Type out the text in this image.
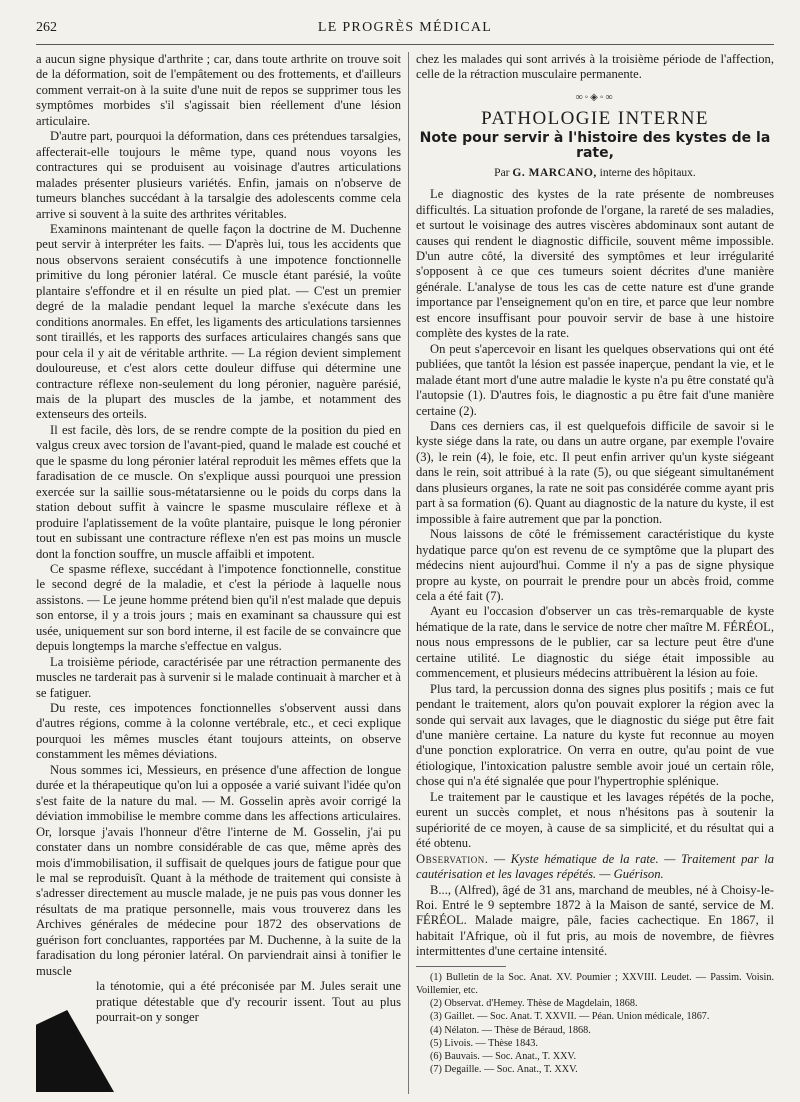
262	LE PROGRÈS MÉDICAL

a aucun signe physique d'arthrite ; car, dans toute arthrite on trouve soit de la déformation, soit de l'empâtement ou des frottements, et d'ailleurs comment verrait-on à la suite d'une nuit de repos se supprimer tous les symptômes morbides s'il s'agissait bien réellement d'une lésion articulaire.

D'autre part, pourquoi la déformation, dans ces prétendues tarsalgies, affecterait-elle toujours le même type, quand nous voyons les contractures qui se produisent au voisinage d'autres articulations malades présenter plusieurs variétés. Enfin, jamais on n'observe de tumeurs blanches succédant à la tarsalgie des adolescents comme cela arrive si souvent à la suite des arthrites véritables.

Examinons maintenant de quelle façon la doctrine de M. Duchenne peut servir à interpréter les faits. — D'après lui, tous les accidents que nous observons seraient consécutifs à une impotence fonctionnelle primitive du long péronier latéral. Ce muscle étant parésié, la voûte plantaire s'effondre et il en résulte un pied plat. — C'est un premier degré de la maladie pendant lequel la marche s'exécute dans les conditions anormales. En effet, les ligaments des articulations tarsiennes sont tiraillés, et les rapports des surfaces articulaires changés sans que pour cela il y ait de véritable arthrite. — La région devient simplement douloureuse, et c'est alors cette douleur diffuse qui détermine une contracture réflexe non-seulement du long péronier, naguère parésié, mais de la plupart des muscles de la jambe, et notamment des extenseurs des orteils.

Il est facile, dès lors, de se rendre compte de la position du pied en valgus creux avec torsion de l'avant-pied, quand le malade est couché et que le spasme du long péronier latéral reproduit les mêmes effets que la faradisation de ce muscle. On s'explique aussi pourquoi une pression exercée sur la saillie sous-métatarsienne ou le poids du corps dans la station debout suffit à vaincre le spasme musculaire réflexe et à produire l'aplatissement de la voûte plantaire, puisque le long péronier tout en subissant une contracture réflexe n'en est pas moins un muscle dont la fonction souffre, un muscle affaibli et impotent.

Ce spasme réflexe, succédant à l'impotence fonctionnelle, constitue le second degré de la maladie, et c'est la période à laquelle nous assistons. — Le jeune homme prétend bien qu'il n'est malade que depuis son entorse, il y a trois jours ; mais en examinant sa chaussure qui est usée, uniquement sur son bord interne, il est facile de se convaincre que depuis longtemps la marche s'effectue en valgus.

La troisième période, caractérisée par une rétraction permanente des muscles ne tarderait pas à survenir si le malade continuait à marcher et à se fatiguer.

Du reste, ces impotences fonctionnelles s'observent aussi dans d'autres régions, comme à la colonne vertébrale, etc., et ceci explique pourquoi les mêmes muscles étant toujours atteints, on observe constamment les mêmes déviations.

Nous sommes ici, Messieurs, en présence d'une affection de longue durée et la thérapeutique qu'on lui a opposée a varié suivant l'idée qu'on s'est faite de la nature du mal. — M. Gosselin après avoir corrigé la déviation immobilise le membre comme dans les affections articulaires. Or, lorsque j'avais l'honneur d'être l'interne de M. Gosselin, j'ai pu constater dans un nombre considérable de cas que, même après des mois d'immobilisation, il suffisait de quelques jours de fatigue pour que le mal se reproduisît. Quant à la méthode de traitement qui consiste à s'adresser directement au muscle malade, je ne puis pas vous donner les résultats de ma pratique personnelle, mais vous trouverez dans les Archives générales de médecine pour 1872 des observations de guérison fort concluantes, rapportées par M. Duchenne, à la suite de la faradisation du long péronier latéral. On parviendrait ainsi à tonifier le muscle

la ténotomie, qui a été préconisée par M. Jules serait une pratique détestable que d'y recourir issent. Tout au plus pourrait-on y songer

chez les malades qui sont arrivés à la troisième période de l'affection, celle de la rétraction musculaire permanente.

∞◦◈◦∞
PATHOLOGIE INTERNE
Note pour servir à l'histoire des kystes de la rate,
Par G. MARCANO, interne des hôpitaux.

Le diagnostic des kystes de la rate présente de nombreuses difficultés. La situation profonde de l'organe, la rareté de ses maladies, et surtout le voisinage des autres viscères abdominaux sont autant de causes qui rendent le diagnostic difficile, souvent même impossible. D'un autre côté, la diversité des symptômes et leur irrégularité s'opposent à ce que ces tumeurs soient décrites d'une manière générale. L'analyse de tous les cas de cette nature est d'une grande importance par l'enseignement qu'on en tire, et parce que leur nombre est encore insuffisant pour pouvoir servir de base à une histoire complète des kystes de la rate.

On peut s'apercevoir en lisant les quelques observations qui ont été publiées, que tantôt la lésion est passée inaperçue, pendant la vie, et le malade étant mort d'une autre maladie le kyste n'a pu être constaté qu'à l'autopsie (1). D'autres fois, le diagnostic a pu être fait d'une manière certaine (2).

Dans ces derniers cas, il est quelquefois difficile de savoir si le kyste siége dans la rate, ou dans un autre organe, par exemple l'ovaire (3), le rein (4), le foie, etc. Il peut enfin arriver qu'un kyste siégeant dans le rein, soit attribué à la rate (5), ou que siégeant simultanément dans plusieurs organes, la rate ne soit pas considérée comme ayant pris part à sa formation (6). Quant au diagnostic de la nature du kyste, il est impossible à faire autrement que par la ponction.

Nous laissons de côté le frémissement caractéristique du kyste hydatique parce qu'on est revenu de ce symptôme que la plupart des médecins nient aujourd'hui. Comme il n'y a pas de signe physique propre au kyste, on pourrait le prendre pour un abcès froid, comme cela a été fait (7).

Ayant eu l'occasion d'observer un cas très-remarquable de kyste hématique de la rate, dans le service de notre cher maître M. FÉRÉOL, nous nous empressons de le publier, car sa lecture peut être d'une certaine utilité. Le diagnostic du siége était impossible au commencement, et plusieurs médecins attribuèrent la lésion au foie.

Plus tard, la percussion donna des signes plus positifs ; mais ce fut pendant le traitement, alors qu'on pouvait explorer la région avec la sonde qui servait aux lavages, que le diagnostic du siége put être fait d'une manière certaine. La nature du kyste fut reconnue au moyen d'une ponction exploratrice. On verra en outre, qu'au point de vue étiologique, l'intoxication palustre semble avoir joué un certain rôle, chose qui n'a été signalée que pour l'hypertrophie splénique.

Le traitement par le caustique et les lavages répétés de la poche, eurent un succès complet, et nous n'hésitons pas à soutenir la supériorité de ce moyen, à cause de sa simplicité, et du résultat qui a été obtenu.

Observation. — Kyste hématique de la rate. — Traitement par la cautérisation et les lavages répétés. — Guérison.

B..., (Alfred), âgé de 31 ans, marchand de meubles, né à Choisy-le-Roi. Entré le 9 septembre 1872 à la Maison de santé, service de M. FÉRÉOL. Malade maigre, pâle, facies cachectique. En 1867, il habitait l'Afrique, où il fut pris, au mois de novembre, de fièvres intermittentes d'une certaine intensité.

(1) Bulletin de la Soc. Anat. XV. Poumier ; XXVIII. Leudet. — Passim. Voisin. Voillemier, etc.

(2) Observat. d'Hemey. Thèse de Magdelain, 1868.

(3) Gaillet. — Soc. Anat. T. XXVII. — Péan. Union médicale, 1867.

(4) Nélaton. — Thèse de Béraud, 1868.

(5) Livois. — Thèse 1843.

(6) Bauvais. — Soc. Anat., T. XXV.

(7) Degaille. — Soc. Anat., T. XXV.
